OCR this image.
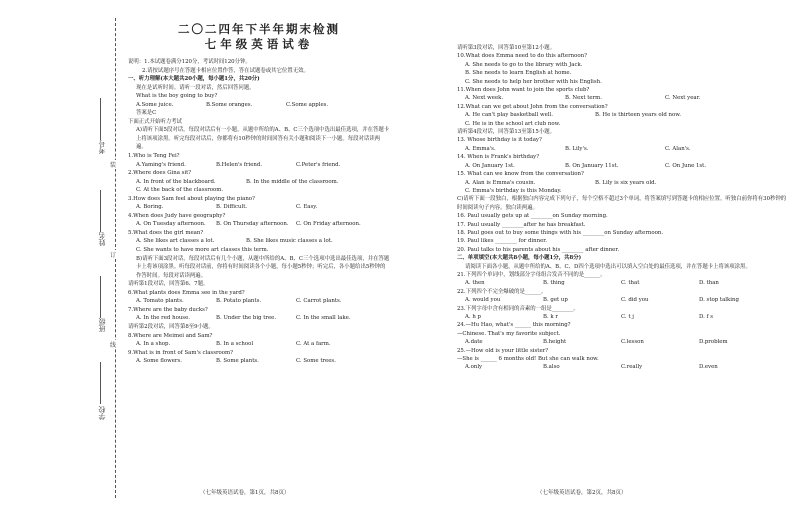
考号
姓名
班级
学校
装
订
线
二〇二四年下半年期末检测
七年级英语试卷
说明：1.本试题卷满分120分，考试时间120分钟。
2.请按试题序号在答题卡相应位置作答，答在试题卷或其它位置无效。
一、听力理解(本大题共20小题，每小题1分，共20分)
现在是试听时间。请听一段对话，然后回答问题。
What is the boy going to buy?
A.Some juice.	B.Some oranges.	C.Some apples.
答案是C
下面正式开始听力考试
A)请听下面5段对话，每段对话后有一小题，从题中所给的A、B、C三个选项中选出最佳选项，并在答题卡上将该项涂黑。听完每段对话后，你都将有10秒钟的时间回答有关小题和阅读下一小题。每段对话读两遍。
1.Who is Teng Fei?
A.Yaming's friend.	B.Helen's friend.	C.Peter's friend.
2.Where does Gina sit?
A. In front of the blackboard.	B. In the middle of the classroom.
C. At the back of the classroom.
3.How does Sam feel about playing the piano?
A. Boring.	B. Difficult.	C. Easy.
4.When does Judy have geography?
A. On Tuesday afternoon.	B. On Thursday afternoon.	C. On Friday afternoon.
5.What does the girl mean?
A. She likes art classes a lot.	B. She likes music classes a lot.
C. She wants to have more art classes this term.
B)请听下面3段对话，每段对话后有几个小题，从题中所给的A、B、C三个选项中选出最佳选项，并在答题卡上将该项涂黑。听每段对话前，你将有时间阅读各个小题，每小题5秒钟；听完后，各小题给出5秒钟的作答时间。每段对话读两遍。
请听第1段对话，回答第6、7题。
6.What plants does Emma see in the yard?
A. Tomato plants.	B. Potato plants.	C. Carrot plants.
7.Where are the baby ducks?
A. In the red house.	B. Under the big tree.	C. In the small lake.
请听第2段对话，回答第8至9小题。
8.Where are Meimei and Sam?
A. In a shop.	B. In a school	C. At a farm.
9.What is in front of Sam's classroom?
A. Some flowers.	B. Some plants.	C. Some trees.
（七年级英语试卷，第1页，共8页）
请听第3段对话，回答第10至第12小题。
10.What does Emma need to do this afternoon?
A. She needs to go to the library with Jack.
B. She needs to learn English at home.
C. She needs to help her brother with his English.
11.When does John want to join the sports club?
A. Next week.	B. Next term.	C. Next year.
12.What can we get about John from the conversation?
A. He can't play basketball well.	B. He is thirteen years old now.
C. He is in the school art club now.
请听第4段对话，回答第13至第15小题。
13. Whose birthday is it today?
A. Emma's.	B. Lily's.	C. Alan's.
14. When is Frank's birthday?
A. On January 1st.	B. On January 11st.	C. On June 1st.
15. What can we know from the conversation?
A. Alan is Emma's cousin.	B. Lily is six years old.
C. Emma's birthday is this Monday.
C)请听下面一段独白，根据独白内容完成下列句子，每个空格不超过3个单词，将答案填写到答题卡的相应位置。听独白前你将有30秒钟的时间阅读句子内容。独白读两遍。
16. Paul usually gets up at ________on Sunday morning.
17. Paul usually ________after he has breakfast.
18. Paul goes out to buy some things with his ________on Sunday afternoon.
19. Paul likes ________ for dinner.
20. Paul talks to his parents about his ________ after dinner.
二、单项填空(本大题共8小题，每小题1分，共8分)
请阅读下面各小题，从题中所给的A、B、C、D四个选项中选出可以填入空白处的最佳选项，并在答题卡上将该项涂黑。
21.下列四个单词中，划线部分字母组合发音不同的是______。
A. then	B. thing	C. that	D. than
22.下列四个不完全爆破的是______。
A. would you	B. get up	C. did you	D. stop talking
23.下列字母中含有相同的音素的一组是________。
A. h p	B. k r	C. t j	D. f s
24.—Hu Hao, what's ______ this morning?
—Chinese. That's my favorite subject.
A.date	B.height	C.lesson	D.problem
25.—How old is your little sister?
—She is ______ 6 months old! But she can walk now.
A.only	B.also	C.really	D.even
（七年级英语试卷，第2页，共8页）
